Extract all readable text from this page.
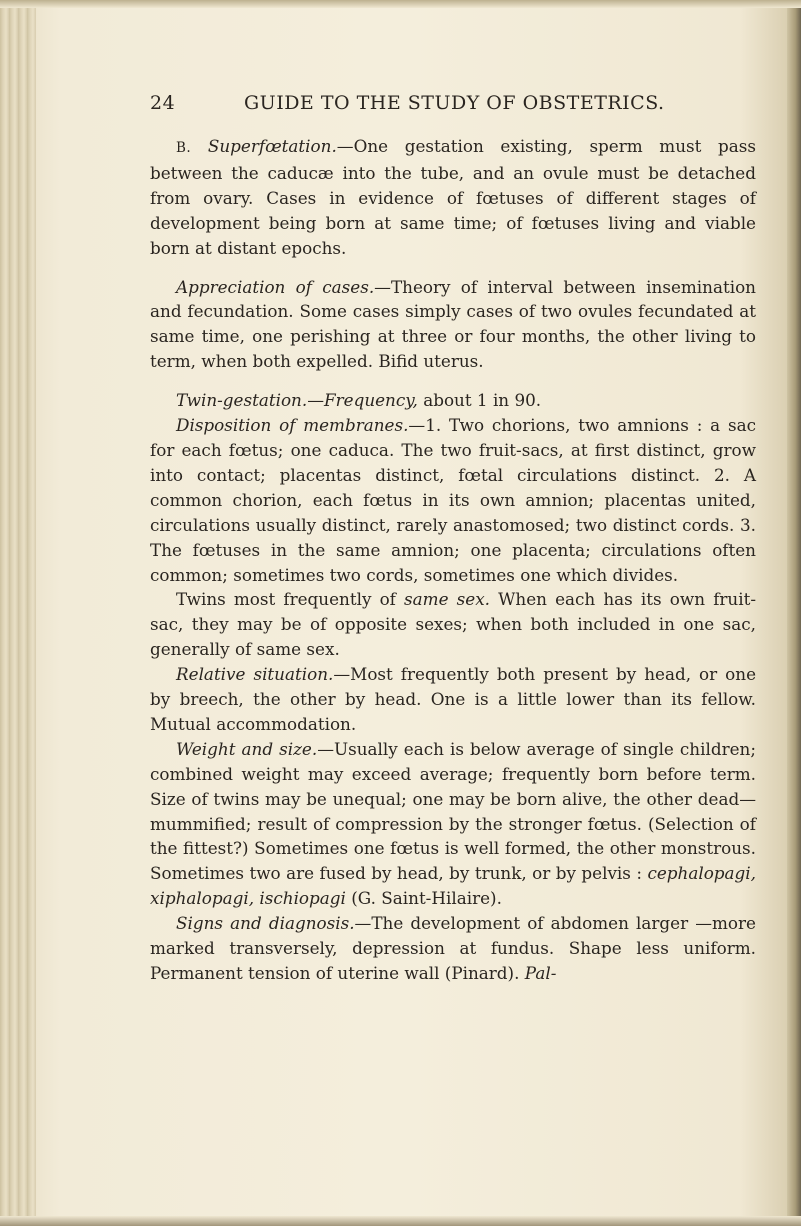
24	GUIDE TO THE STUDY OF OBSTETRICS.

B. Superfœtation.—One gestation existing, sperm must pass between the caducæ into the tube, and an ovule must be detached from ovary. Cases in evidence of fœtuses of different stages of development being born at same time; of fœtuses living and viable born at distant epochs.

Appreciation of cases.—Theory of interval between insemination and fecundation. Some cases simply cases of two ovules fecundated at same time, one perishing at three or four months, the other living to term, when both expelled. Bifid uterus.

Twin-gestation.—Frequency, about 1 in 90.

Disposition of membranes.—1. Two chorions, two amnions : a sac for each fœtus; one caduca. The two fruit-sacs, at first distinct, grow into contact; placentas distinct, fœtal circulations distinct. 2. A common chorion, each fœtus in its own amnion; placentas united, circulations usually distinct, rarely anastomosed; two distinct cords. 3. The fœtuses in the same amnion; one placenta; circulations often common; sometimes two cords, sometimes one which divides.

Twins most frequently of same sex. When each has its own fruit-sac, they may be of opposite sexes; when both included in one sac, generally of same sex.

Relative situation.—Most frequently both present by head, or one by breech, the other by head. One is a little lower than its fellow. Mutual accommodation.

Weight and size.—Usually each is below average of single children; combined weight may exceed average; frequently born before term. Size of twins may be unequal; one may be born alive, the other dead—mummified; result of compression by the stronger fœtus. (Selection of the fittest?) Sometimes one fœtus is well formed, the other monstrous. Sometimes two are fused by head, by trunk, or by pelvis : cephalopagi, xiphalopagi, ischiopagi (G. Saint-Hilaire).

Signs and diagnosis.—The development of abdomen larger —more marked transversely, depression at fundus. Shape less uniform. Permanent tension of uterine wall (Pinard). Pal-
